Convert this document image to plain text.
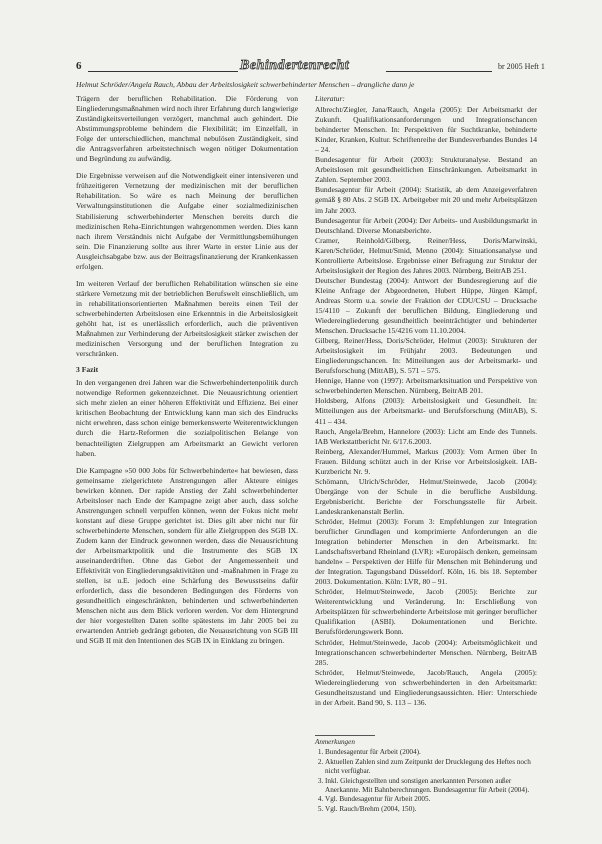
6	Behindertenrecht	br 2005 Heft 1
Helmut Schröder/Angela Rauch, Abbau der Arbeitslosigkeit schwerbehinderter Menschen – drangliche dann je

Trägern der beruflichen Rehabilitation. Die Förderung von Eingliederungsmaßnahmen wird noch ihrer Erfahrung durch langwierige Zuständigkeitsverteilungen verzögert, manchmal auch gehindert. Die Abstimmungsprobleme behindern die Flexibilität; im Einzelfall, in Folge der unterschiedlichen, manchmal nebulösen Zuständigkeit, sind die Antragsverfahren arbeitstechnisch wegen nötiger Dokumentation und Begründung zu aufwändig.

Die Ergebnisse verweisen auf die Notwendigkeit einer intensiveren und frühzeitigeren Vernetzung der medizinischen mit der beruflichen Rehabilitation. So wäre es nach Meinung der beruflichen Verwaltungsinstitutionen die Aufgabe einer sozialmedizinischen Stabilisierung schwerbehinderter Menschen bereits durch die medizinischen Reha-Einrichtungen wahrgenommen werden. Dies kann nach ihrem Verständnis nicht Aufgabe der Vermittlungsbemühungen sein. Die Finanzierung sollte aus ihrer Warte in erster Linie aus der Ausgleichsabgabe bzw. aus der Beitragsfinanzierung der Krankenkassen erfolgen.

Im weiteren Verlauf der beruflichen Rehabilitation wünschen sie eine stärkere Vernetzung mit der betrieblichen Berufswelt einschließlich, um in rehabilitationsorientierten Maßnahmen bereits einen Teil der schwerbehinderten Arbeitslosen eine Erkenntnis in die Arbeitslosigkeit gehöht hat, ist es unerlässlich erforderlich, auch die präventiven Maßnahmen zur Verhinderung der Arbeitslosigkeit stärker zwischen der medizinischen Versorgung und der beruflichen Integration zu verschränken.

3 Fazit

In den vergangenen drei Jahren war die Schwerbehindertenpolitik durch notwendige Reformen gekennzeichnet. Die Neuausrichtung orientiert sich mehr zielen an einer höheren Effektivität und Effizienz. Bei einer kritischen Beobachtung der Entwicklung kann man sich des Eindrucks nicht erwehren, dass schon einige bemerkenswerte Weiterentwicklungen durch die Hartz-Reformen die sozialpolitischen Belange von benachteiligten Zielgruppen am Arbeitsmarkt an Gewicht verloren haben.

Die Kampagne »50 000 Jobs für Schwerbehinderte« hat bewiesen, dass gemeinsame zielgerichtete Anstrengungen aller Akteure einiges bewirken können. Der rapide Anstieg der Zahl schwerbehinderter Arbeitsloser nach Ende der Kampagne zeigt aber auch, dass solche Anstrengungen schnell verpuffen können, wenn der Fokus nicht mehr konstant auf diese Gruppe gerichtet ist. Dies gilt aber nicht nur für schwerbehinderte Menschen, sondern für alle Zielgruppen des SGB IX. Zudem kann der Eindruck gewonnen werden, dass die Neuausrichtung der Arbeitsmarktpolitik und die Instrumente des SGB IX auseinanderdriften. Ohne das Gebot der Angemessenheit und Effektivität von Eingliederungsaktivitäten und -maßnahmen in Frage zu stellen, ist u.E. jedoch eine Schärfung des Bewusstseins dafür erforderlich, dass die besonderen Bedingungen des Förderns von gesundheitlich eingeschränkten, behinderten und schwerbehinderten Menschen nicht aus dem Blick verloren werden. Vor dem Hintergrund der hier vorgestellten Daten sollte spätestens im Jahr 2005 bei zu erwartenden Antrieb gedrängt geboten, die Neuausrichtung von SGB III und SGB II mit den Intentionen des SGB IX in Einklang zu bringen.

Literatur:

Albrecht/Ziegler, Jana/Rauch, Angela (2005): Der Arbeitsmarkt der Zukunft. Qualifikationsanforderungen und Integrationschancen behinderter Menschen. In: Perspektiven für Suchtkranke, behinderte Kinder, Kranken, Kultur. Schriftenreihe der Bundesverbandes Bundes 14 – 24.

Bundesagentur für Arbeit (2003): Strukturanalyse. Bestand an Arbeitslosen mit gesundheitlichen Einschränkungen. Arbeitsmarkt in Zahlen. September 2003.

Bundesagentur für Arbeit (2004): Statistik, ab dem Anzeigeverfahren gemäß § 80 Abs. 2 SGB IX. Arbeitgeber mit 20 und mehr Arbeitsplätzen im Jahr 2003.

Bundesagentur für Arbeit (2004): Der Arbeits- und Ausbildungsmarkt in Deutschland. Diverse Monatsberichte.

Cramer, Reinhold/Gilberg, Reiner/Hess, Doris/Marwinski, Karen/Schröder, Helmut/Smid, Menno (2004): Situationsanalyse und Kontrollierte Arbeitslose. Ergebnisse einer Befragung zur Struktur der Arbeitslosigkeit der Region des Jahres 2003. Nürnberg, BeitrAB 251.

Deutscher Bundestag (2004): Antwort der Bundesregierung auf die Kleine Anfrage der Abgeordneten, Hubert Hüppe, Jürgen Kämpf, Andreas Storm u.a. sowie der Fraktion der CDU/CSU – Drucksache 15/4110 – Zukunft der beruflichen Bildung, Eingliederung und Wiedereingliederung gesundheitlich beeinträchtigter und behinderter Menschen. Drucksache 15/4216 vom 11.10.2004.

Gilberg, Reiner/Hess, Doris/Schröder, Helmut (2003): Strukturen der Arbeitslosigkeit im Frühjahr 2003. Bedeutungen und Eingliederungschancen. In: Mitteilungen aus der Arbeitsmarkt- und Berufsforschung (MittAB), S. 571 – 575.

Hennige, Hanne von (1997): Arbeitsmarktsituation und Perspektive von schwerbehinderten Menschen. Nürnberg, BeitrAB 201.

Holdsberg, Alfons (2003): Arbeitslosigkeit und Gesundheit. In: Mitteilungen aus der Arbeitsmarkt- und Berufsforschung (MittAB), S. 411 – 434.

Rauch, Angela/Brehm, Hannelore (2003): Licht am Ende des Tunnels. IAB Werkstattbericht Nr. 6/17.6.2003.

Reinberg, Alexander/Hummel, Markus (2003): Vom Armen über In Frauen. Bildung schützt auch in der Krise vor Arbeitslosigkeit. IAB-Kurzbericht Nr. 9.

Schömann, Ulrich/Schröder, Helmut/Steinwede, Jacob (2004): Übergänge von der Schule in die berufliche Ausbildung. Ergebnisbericht. Berichte der Forschungsstelle für Arbeit. Landeskrankenanstalt Berlin.

Schröder, Helmut (2003): Forum 3: Empfehlungen zur Integration beruflicher Grundlagen und komprimierte Anforderungen an die Integration behinderter Menschen in den Arbeitsmarkt. In: Landschaftsverband Rheinland (LVR): »Europäisch denken, gemeinsam handeln« – Perspektiven der Hilfe für Menschen mit Behinderung und der Integration. Tagungsband Düsseldorf. Köln, 16. bis 18. September 2003. Dokumentation. Köln: LVR, 80 – 91.

Schröder, Helmut/Steinwede, Jacob (2005): Berichte zur Weiterentwicklung und Veränderung. In: Erschließung von Arbeitsplätzen für schwerbehinderte Arbeitslose mit geringer beruflicher Qualifikation (ASBI). Dokumentationen und Berichte. Berufsförderungswerk Bonn.

Schröder, Helmut/Steinwede, Jacob (2004): Arbeitsmöglichkeit und Integrationschancen schwerbehinderter Menschen. Nürnberg, BeitrAB 285.

Schröder, Helmut/Steinwede, Jacob/Rauch, Angela (2005): Wiedereingliederung von schwerbehinderten in den Arbeitsmarkt: Gesundheitszustand und Eingliederungsaussichten. Hier: Unterschiede in der Arbeit. Band 90, S. 113 – 136.

Anmerkungen
1. Bundesagentur für Arbeit (2004).
2. Aktuellen Zahlen sind zum Zeitpunkt der Drucklegung des Heftes noch nicht verfügbar.
3. Inkl. Gleichgestellten und sonstigen anerkannten Personen außer Anerkannte. Mit Bahnberechnungen. Bundesagentur für Arbeit (2004).
4. Vgl. Bundesagentur für Arbeit 2005.
5. Vgl. Rauch/Brehm (2004, 150).
